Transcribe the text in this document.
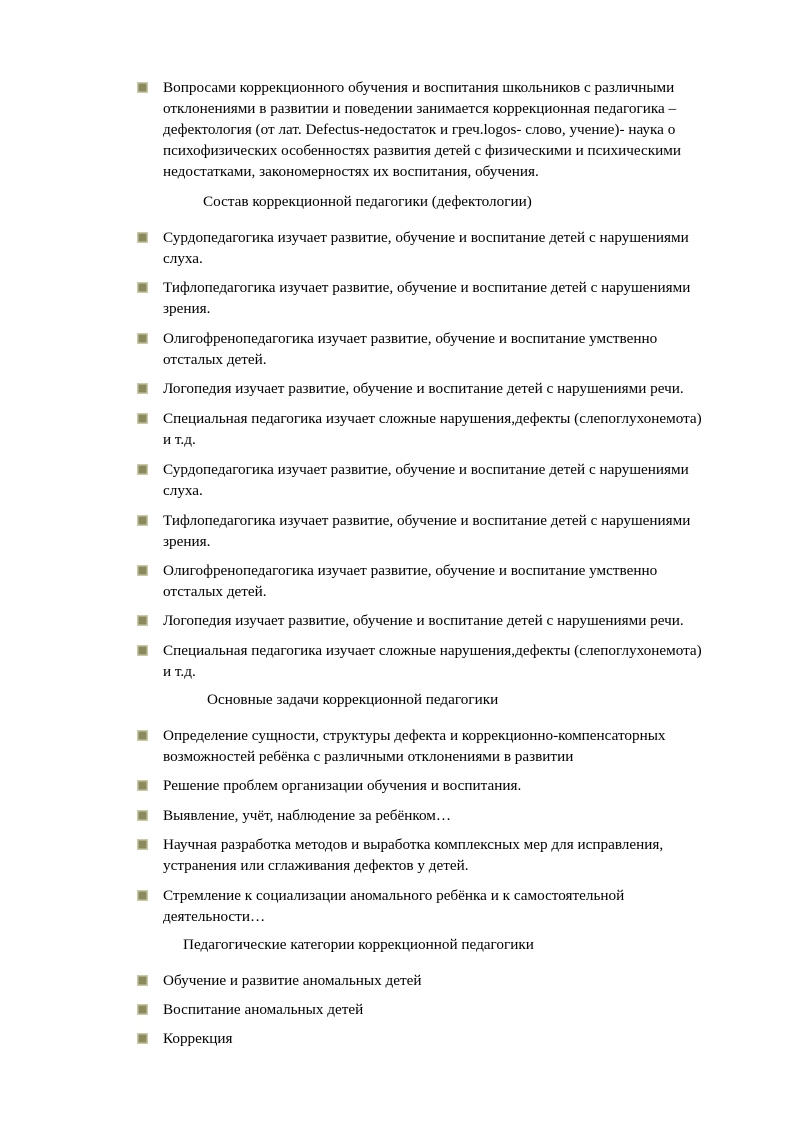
Вопросами коррекционного обучения и воспитания школьников с различными
отклонениями в развитии и поведении занимается коррекционная педагогика –
дефектология (от лат. Defectus-недостаток и греч.logos- слово, учение)- наука о
психофизических особенностях развития детей с физическими и психическими
недостатками, закономерностях их воспитания, обучения.
Состав коррекционной педагогики (дефектологии)
Сурдопедагогика изучает развитие, обучение и воспитание детей с нарушениями
слуха.
Тифлопедагогика изучает развитие, обучение и воспитание детей с нарушениями
зрения.
Олигофренопедагогика изучает развитие, обучение и воспитание умственно
отсталых детей.
Логопедия изучает развитие, обучение и воспитание детей с нарушениями речи.
Специальная педагогика изучает сложные нарушения,дефекты (слепоглухонемота)
и т.д.
Сурдопедагогика изучает развитие, обучение и воспитание детей с нарушениями
слуха.
Тифлопедагогика изучает развитие, обучение и воспитание детей с нарушениями
зрения.
Олигофренопедагогика изучает развитие, обучение и воспитание умственно
отсталых детей.
Логопедия изучает развитие, обучение и воспитание детей с нарушениями речи.
Специальная педагогика изучает сложные нарушения,дефекты (слепоглухонемота)
и т.д.
Основные задачи коррекционной педагогики
Определение сущности, структуры дефекта и коррекционно-компенсаторных
возможностей ребёнка с различными отклонениями в развитии
Решение проблем организации обучения и воспитания.
Выявление, учёт, наблюдение за ребёнком…
Научная разработка методов и выработка комплексных мер для исправления,
устранения или сглаживания дефектов у детей.
Стремление к социализации аномального ребёнка и к самостоятельной
деятельности…
Педагогические категории коррекционной педагогики
Обучение и развитие аномальных детей
Воспитание аномальных детей
Коррекция
